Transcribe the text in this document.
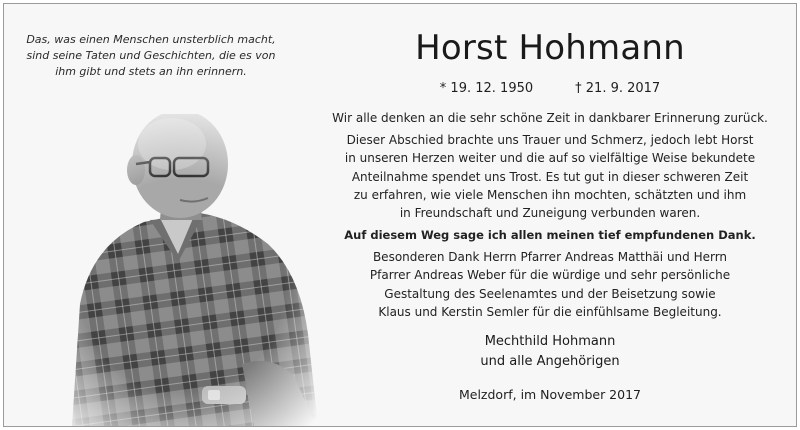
Das, was einen Menschen unsterblich macht,
sind seine Taten und Geschichten, die es von
ihm gibt und stets an ihn erinnern.
Horst Hohmann
* 19. 12. 1950	† 21. 9. 2017
Wir alle denken an die sehr schöne Zeit in dankbarer Erinnerung zurück.
Dieser Abschied brachte uns Trauer und Schmerz, jedoch lebt Horst
in unseren Herzen weiter und die auf so vielfältige Weise bekundete
Anteilnahme spendet uns Trost. Es tut gut in dieser schweren Zeit
zu erfahren, wie viele Menschen ihn mochten, schätzten und ihm
in Freundschaft und Zuneigung verbunden waren.
Auf diesem Weg sage ich allen meinen tief empfundenen Dank.
Besonderen Dank Herrn Pfarrer Andreas Matthäi und Herrn
Pfarrer Andreas Weber für die würdige und sehr persönliche
Gestaltung des Seelenamtes und der Beisetzung sowie
Klaus und Kerstin Semler für die einfühlsame Begleitung.
Mechthild Hohmann
und alle Angehörigen
Melzdorf, im November 2017
